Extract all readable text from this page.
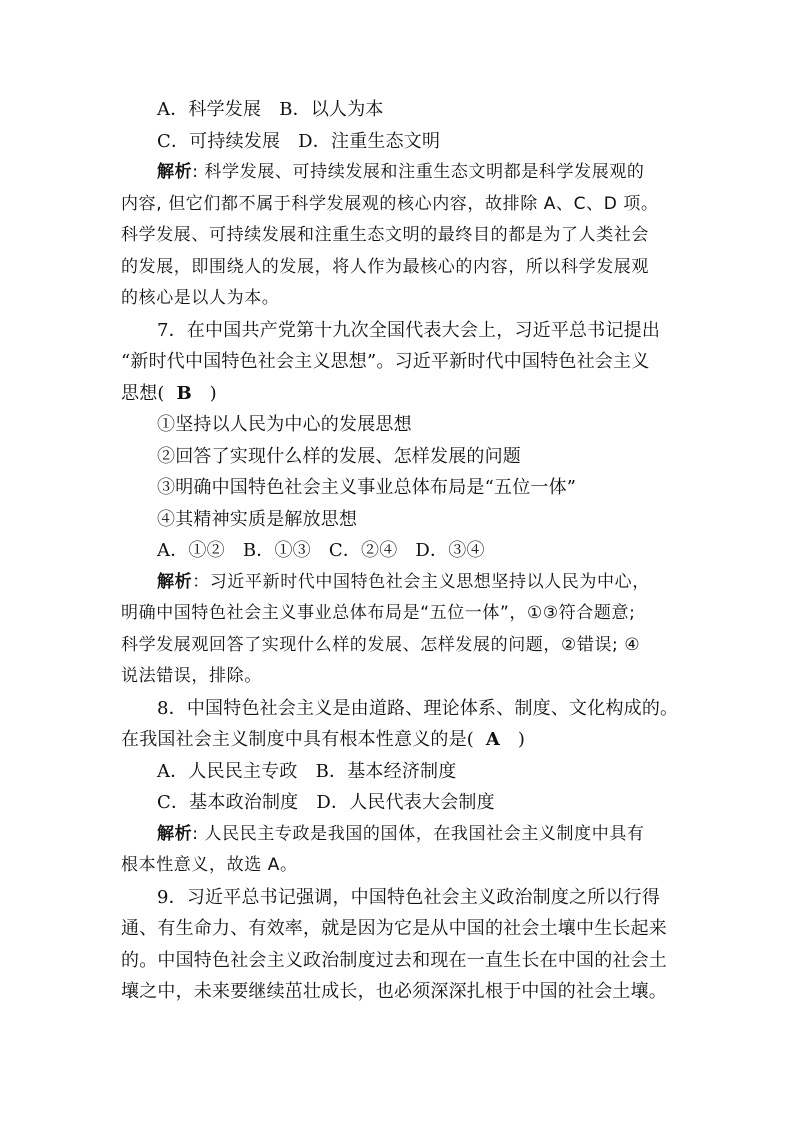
A．科学发展 B．以人为本
C．可持续发展 D．注重生态文明
解析: 科学发展、可持续发展和注重生态文明都是科学发展观的
内容, 但它们都不属于科学发展观的核心内容，故排除 A、C、D 项。
科学发展、可持续发展和注重生态文明的最终目的都是为了人类社会
的发展，即围绕人的发展，将人作为最核心的内容，所以科学发展观
的核心是以人为本。
7．在中国共产党第十九次全国代表大会上，习近平总书记提出
“新时代中国特色社会主义思想”。习近平新时代中国特色社会主义
思想( B )
①坚持以人民为中心的发展思想
②回答了实现什么样的发展、怎样发展的问题
③明确中国特色社会主义事业总体布局是“五位一体”
④其精神实质是解放思想
A．①② B．①③ C．②④ D．③④
解析：习近平新时代中国特色社会主义思想坚持以人民为中心，
明确中国特色社会主义事业总体布局是“五位一体”，①③符合题意;
科学发展观回答了实现什么样的发展、怎样发展的问题，②错误; ④
说法错误，排除。
8．中国特色社会主义是由道路、理论体系、制度、文化构成的。
在我国社会主义制度中具有根本性意义的是( A )
A．人民民主专政 B．基本经济制度
C．基本政治制度 D．人民代表大会制度
解析: 人民民主专政是我国的国体，在我国社会主义制度中具有
根本性意义，故选 A。
9．习近平总书记强调，中国特色社会主义政治制度之所以行得
通、有生命力、有效率，就是因为它是从中国的社会土壤中生长起来
的。中国特色社会主义政治制度过去和现在一直生长在中国的社会土
壤之中，未来要继续茁壮成长，也必须深深扎根于中国的社会土壤。
